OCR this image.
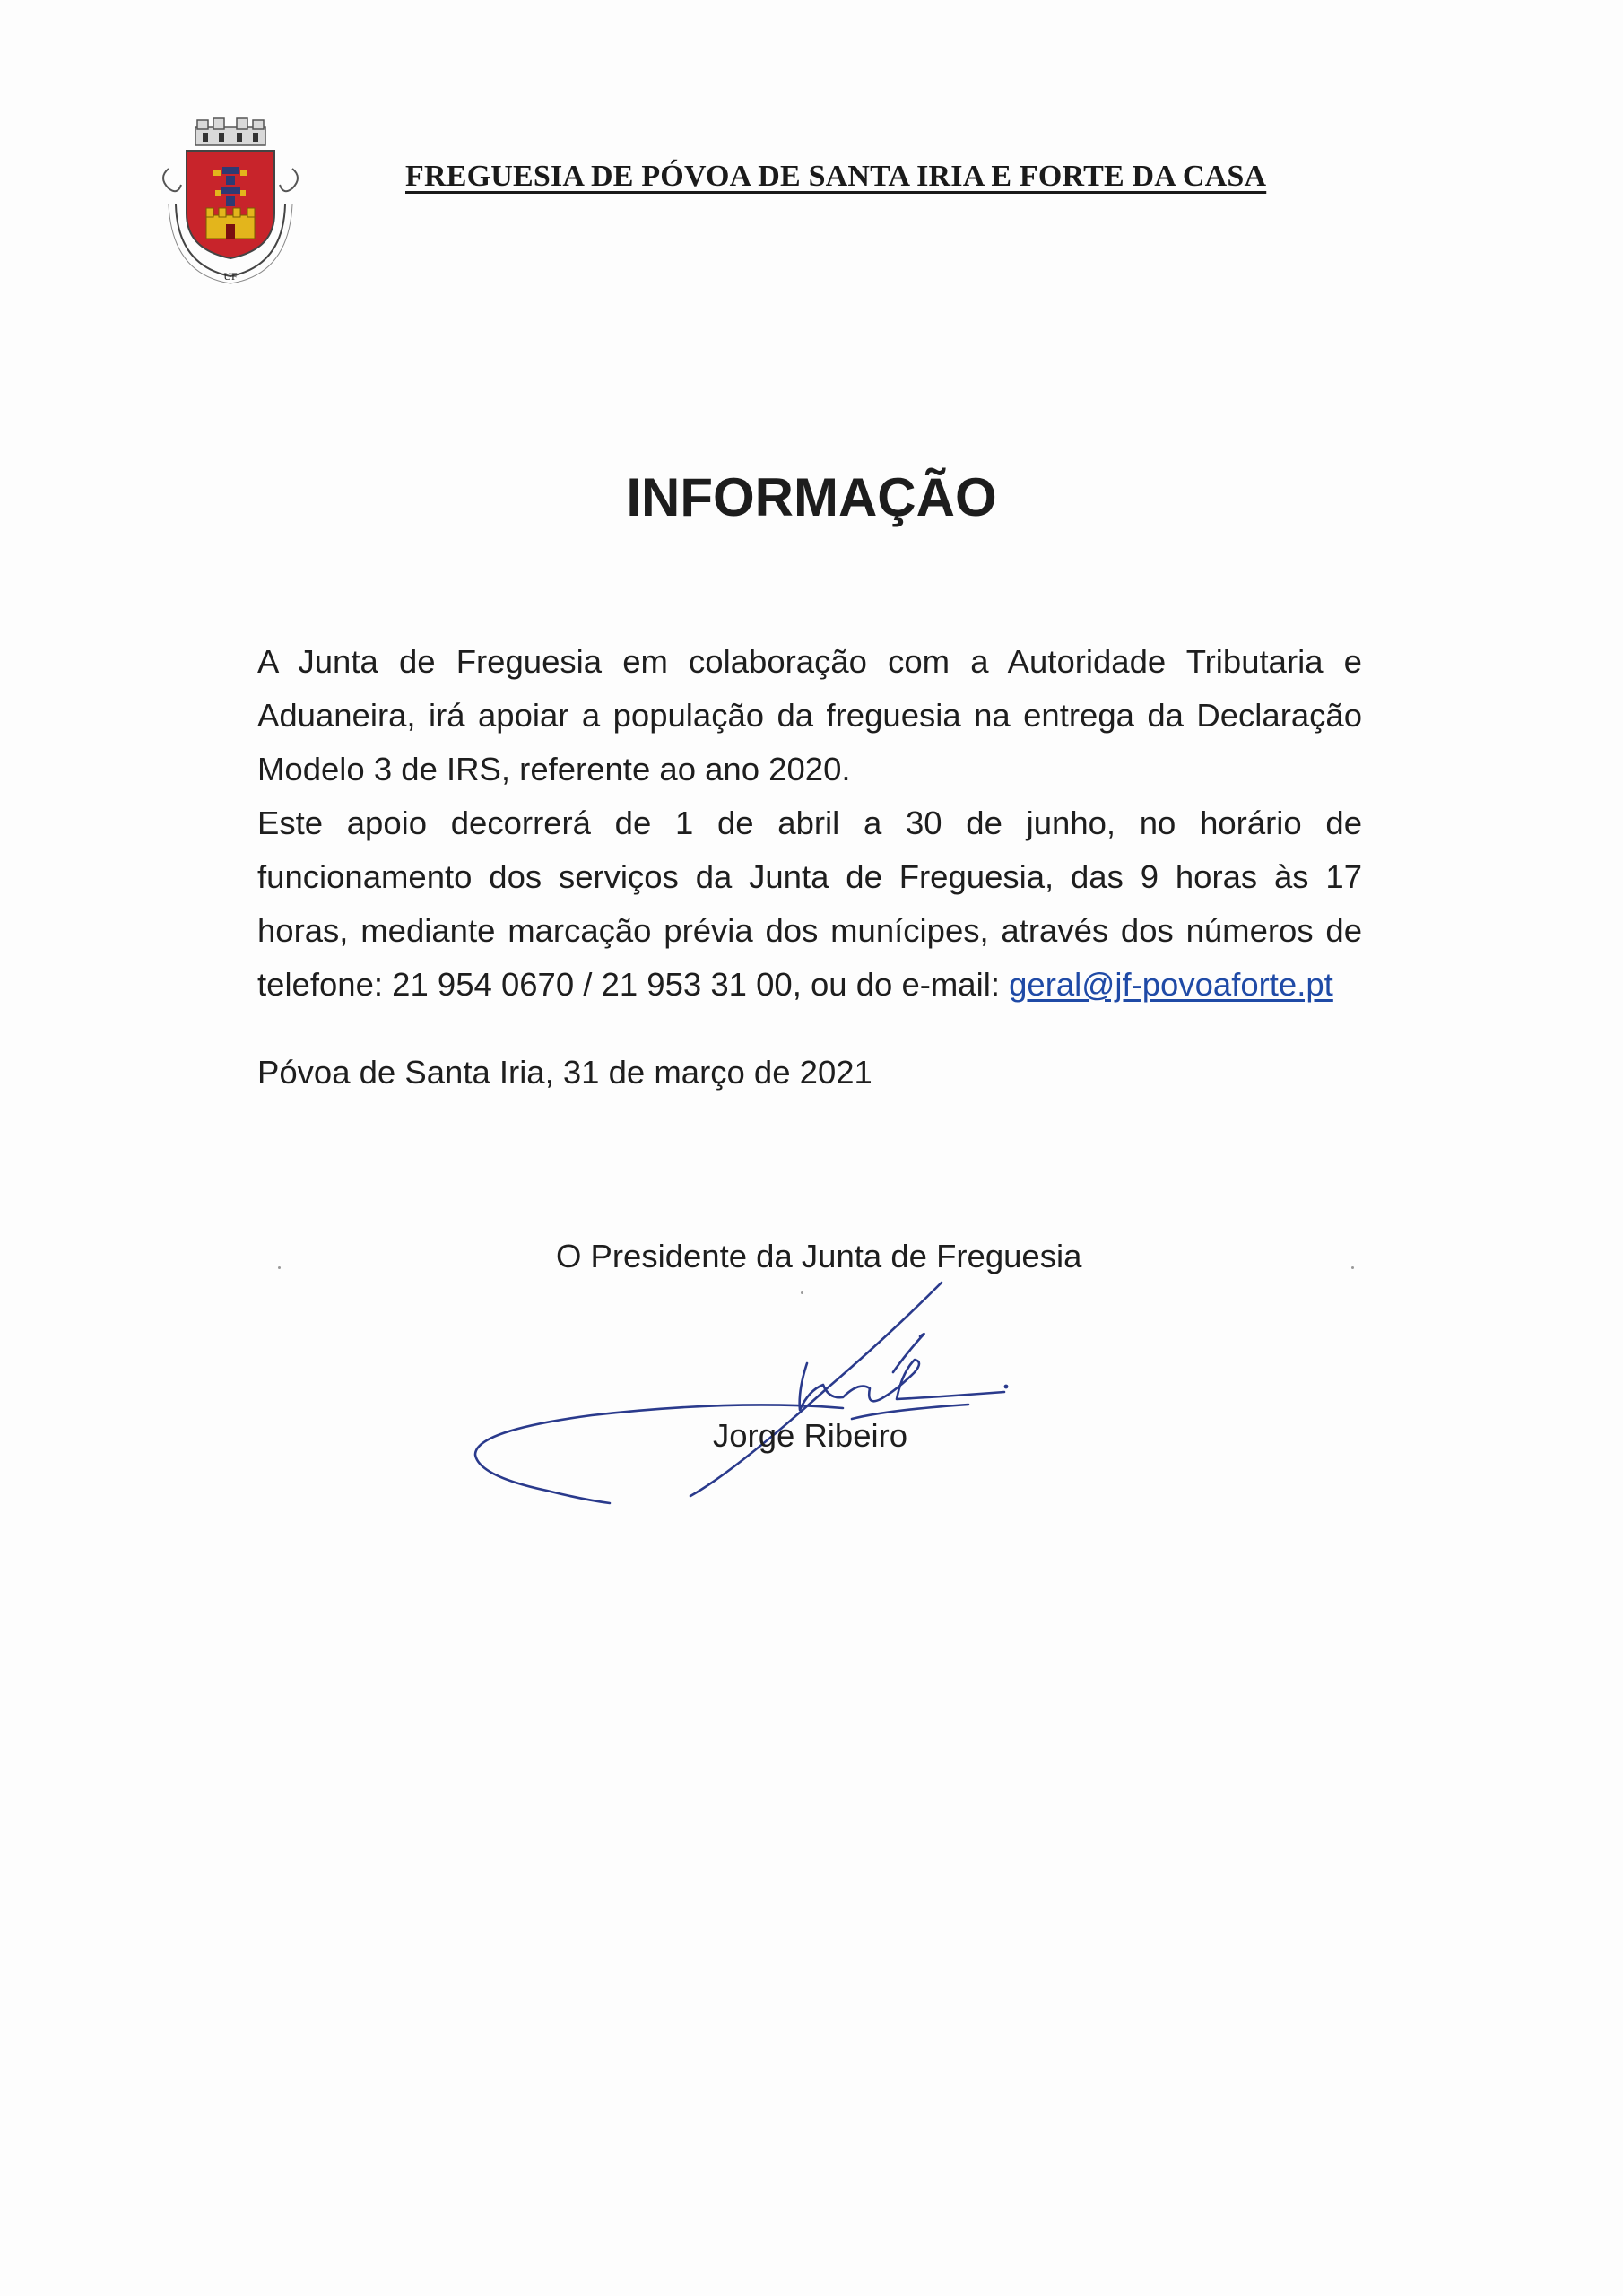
UF
FREGUESIA DE PÓVOA DE SANTA IRIA E FORTE DA CASA
INFORMAÇÃO

A Junta de Freguesia em colaboração com a Autoridade Tributaria e Aduaneira, irá apoiar a população da freguesia na entrega da Declaração Modelo 3 de IRS, referente ao ano 2020.

Este apoio decorrerá de 1 de abril a 30 de junho, no horário de funcionamento dos serviços da Junta de Freguesia, das 9 horas às 17 horas, mediante marcação prévia dos munícipes, através dos números de telefone: 21 954 0670 / 21 953 31 00, ou do e-mail: geral@jf-povoaforte.pt

Póvoa de Santa Iria, 31 de março de 2021
O Presidente da Junta de Freguesia
Jorge Ribeiro
